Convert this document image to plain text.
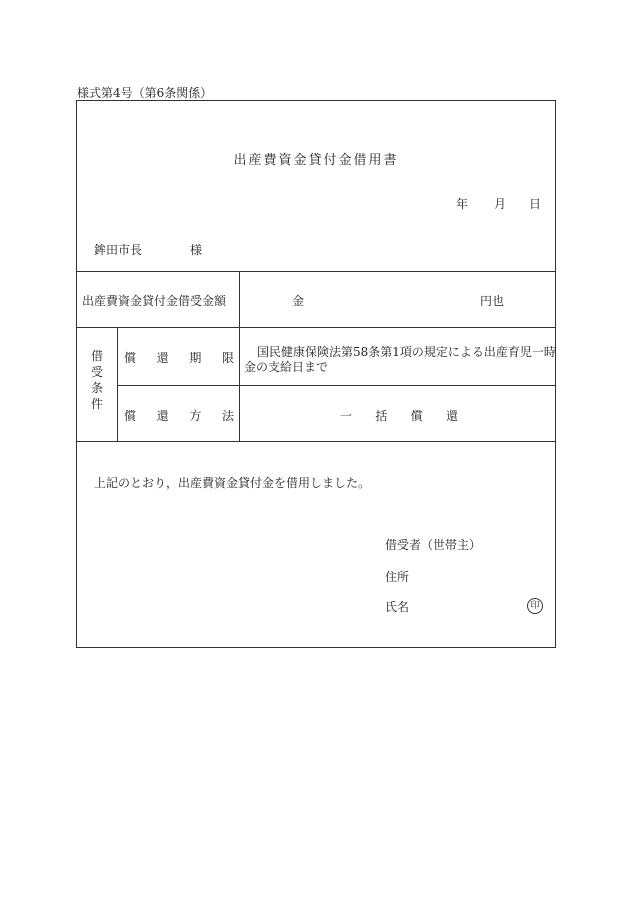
様式第4号（第6条関係）
出産費資金貸付金借用書
年 月 日
鉾田市長	様
出産費資金貸付金借受金額	金	円也
借
受
条
件
償 還 期 限 国民健康保険法第58条第1項の規定による出産育児一時
金の支給日まで
償 還 方 法	一 括 償 還
上記のとおり，出産費資金貸付金を借用しました。
借受者（世帯主）
住所
氏名	印
